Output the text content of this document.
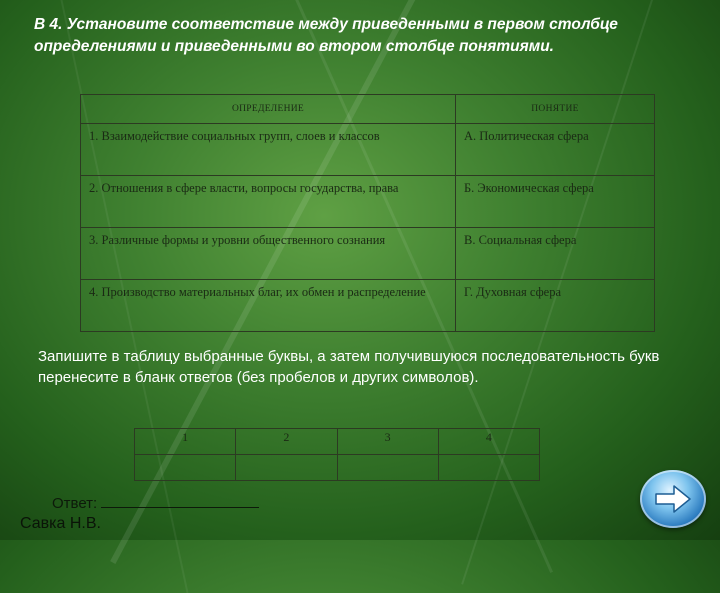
В 4. Установите соответствие между приведенными в первом столбце определениями и приведенными во втором столбце понятиями.
ОПРЕДЕЛЕНИЕ	ПОНЯТИЕ
1. Взаимодействие социальных групп, слоев и классов	А. Политическая сфера
2. Отношения в сфере власти, вопросы государства, права	Б. Экономическая сфера
3. Различные формы и уровни общественного сознания	В. Социальная сфера
4. Производство материальных благ, их обмен и распределение	Г. Духовная сфера
Запишите в таблицу выбранные буквы, а затем получившуюся последовательность букв перенесите в бланк ответов (без пробелов и других символов).
1	2	3	4

Ответ:
Савка Н.В.
